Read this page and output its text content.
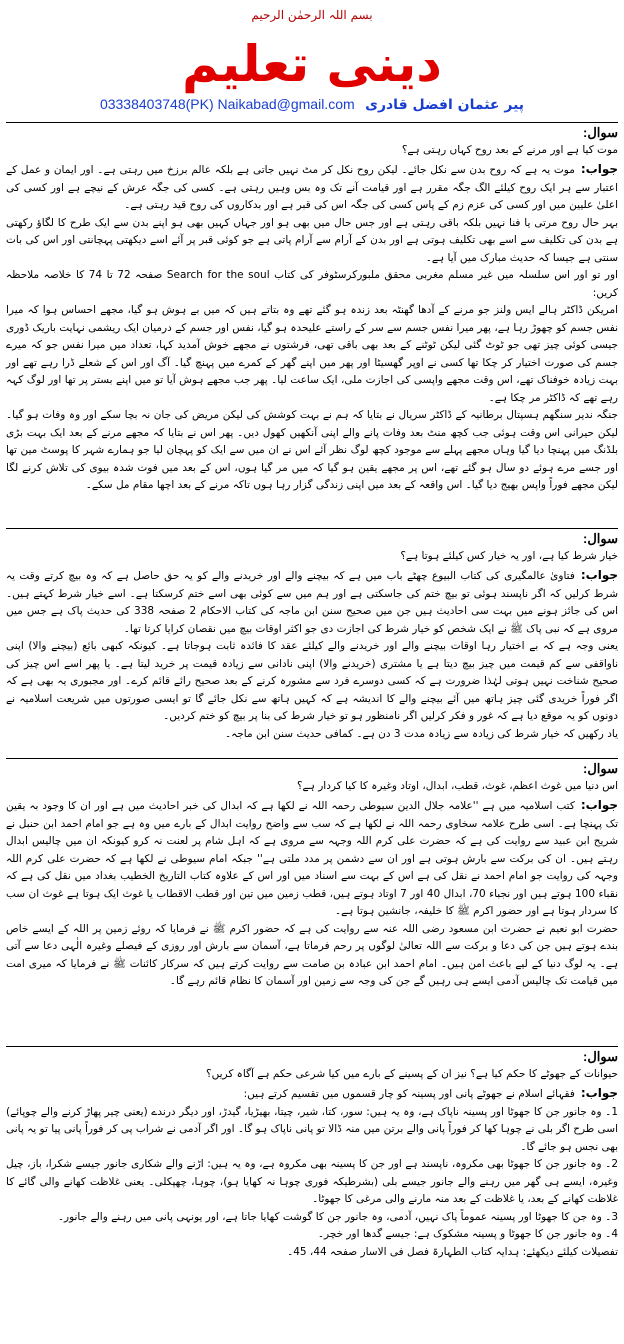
بسم اللہ الرحمٰن الرحیم
دینی تعلیم
03338403748(PK) Naikabad@gmail.com پیر عثمان افضل قادری
سوال:

موت کیا ہے اور مرنے کے بعد روح کہاں رہتی ہے؟

جواب:موت یہ ہے کہ روح بدن سے نکل جائے۔ لیکن روح نکل کر مٹ نہیں جاتی ہے بلکہ عالم برزخ میں رہتی ہے۔ اور ایمان و عمل کے اعتبار سے ہر ایک روح کیلئے الگ جگہ مقرر ہے اور قیامت آنے تک وہ بس وہیں رہتی ہے۔ کسی کی جگہ عرش کے نیچے ہے اور کسی کی اعلیٰ علیین میں اور کسی کی عزم زم کے پاس کسی کی جگہ اس کی قبر ہے اور بدکاروں کی روح قید رہتی ہے۔

بہر حال روح مرتی یا فنا نہیں بلکہ باقی رہتی ہے اور جس حال میں بھی ہو اور جہاں کہیں بھی ہو اپنے بدن سے ایک طرح کا لگاؤ رکھتی ہے بدن کی تکلیف سے اسے بھی تکلیف ہوتی ہے اور بدن کے آرام سے آرام پاتی ہے جو کوئی قبر پر آئے اسے دیکھتی پہچانتی اور اس کی بات سنتی ہے جیسا کہ حدیث مبارک میں آیا ہے۔

اور تو اور اس سلسلہ میں غیر مسلم مغربی محقق ملبورکرسٹوفر کی کتاب Search for the soul صفحہ 72 تا 74 کا خلاصہ ملاحظہ کریں:

امریکن ڈاکٹر ہالے ایس ولنز جو مرنے کے آدھا گھنٹہ بعد زندہ ہو گئے تھے وہ بتاتے ہیں کہ میں بے ہوش ہو گیا، مجھے احساس ہوا کہ میرا نفس جسم کو چھوڑ رہا ہے، پھر میرا نفس جسم سے سر کے راستے علیحدہ ہو گیا، نفس اور جسم کے درمیان ایک ریشمی نہایت باریک ڈوری جیسی کوئی چیز تھی جو ٹوٹ گئی لیکن ٹوٹنے کے بعد بھی باقی تھی، فرشتوں نے مجھے خوش آمدید کہا، تعداد میں میرا نفس جو کہ میرے جسم کی صورت اختیار کر چکا تھا کسی نے اوپر گھسیٹا اور پھر میں اپنے گھر کے کمرے میں پہنچ گیا۔ آگ اور اس کے شعلے ڈرا رہے تھے اور بہت زیادہ خوفناک تھے، اس وقت مجھے واپسی کی اجازت ملی، ایک ساعت لیا۔ پھر جب مجھے ہوش آیا تو میں اپنے بستر پر تھا اور لوگ کہہ رہے تھے کہ ڈاکٹر مر چکا ہے۔

جنگہ ندیر سنگھم ہسپتال برطانیہ کے ڈاکٹر سریال نے بتایا کہ ہم نے بہت کوشش کی لیکن مریض کی جان نہ بچا سکے اور وہ وفات ہو گیا۔ لیکن حیرانی اس وقت ہوئی جب کچھ منٹ بعد وفات پانے والے اپنی آنکھیں کھول دیں۔ پھر اس نے بتایا کہ مجھے مرنے کے بعد ایک بہت بڑی بلڈنگ میں پہنچا دیا گیا وہاں مجھے پہلے سے موجود کچھ لوگ نظر آئے اس نے ان میں سے ایک کو پہچان لیا جو ہمارے شہر کا پوسٹ مین تھا اور جسے مرے ہوئے دو سال ہو گئے تھے، اس پر مجھے یقین ہو گیا کہ میں مر گیا ہوں، اس کے بعد میں فوت شدہ بیوی کی تلاش کرنے لگا لیکن مجھے فوراً واپس بھیج دیا گیا۔ اس واقعہ کے بعد میں اپنی زندگی گزار رہا ہوں تاکہ مرنے کے بعد اچھا مقام مل سکے۔

سوال:

خیار شرط کیا ہے، اور یہ خیار کس کیلئے ہوتا ہے؟

جواب:فتاویٰ عالمگیری کی کتاب البیوع چھٹے باب میں ہے کہ بیچنے والے اور خریدنے والے کو یہ حق حاصل ہے کہ وہ بیچ کرتے وقت یہ شرط کرلیں کہ اگر ناپسند ہوئی تو بیچ ختم کی جاسکتی ہے اور ہم میں سے کوئی بھی اسے ختم کرسکتا ہے۔ اسے خیار شرط کہتے ہیں۔ اس کی جائز ہونے میں بہت سی احادیث ہیں جن میں صحیح سنن ابن ماجہ کی کتاب الاحکام 2 صفحہ 338 کی حدیث پاک ہے جس میں مروی ہے کہ نبی پاک ﷺ نے ایک شخص کو خیار شرط کی اجازت دی جو اکثر اوقات بیچ میں نقصان کرایا کرتا تھا۔

یعنی وجہ ہے کہ بے اختیار رہا اوقات بیچنے والے اور خریدنے والے کیلئے عقد کا فائدہ ثابت ہوجاتا ہے۔ کیونکہ کبھی بائع (بیچنے والا) اپنی ناواقفی سے کم قیمت میں چیز بیچ دیتا ہے یا مشتری (خریدنے والا) اپنی نادانی سے زیادہ قیمت پر خرید لیتا ہے۔ یا پھر اسے اس چیز کی صحیح شناخت نہیں ہوتی لہٰذا ضرورت ہے کہ کسی دوسرے فرد سے مشورہ کرنے کے بعد صحیح رائے قائم کرے۔ اور مجبوری یہ بھی ہے کہ اگر فوراً خریدی گئی چیز ہاتھ میں آئے بیچنے والے کا اندیشہ ہے کہ کہیں ہاتھ سے نکل جائے گا تو ایسی صورتوں میں شریعت اسلامیہ نے دونوں کو یہ موقع دیا ہے کہ غور و فکر کرلیں اگر نامنظور ہو تو خیار شرط کی بنا پر بیچ کو ختم کردیں۔

یاد رکھیں کہ خیار شرط کی زیادہ سے زیادہ مدت 3 دن ہے۔ کمافی حدیث سنن ابن ماجہ۔

سوال:

اس دنیا میں غوث اعظم، غوث، قطب، ابدال، اوتاد وغیرہ کا کیا کردار ہے؟

جواب:کتب اسلامیہ میں ہے ''علامہ جلال الدین سیوطی رحمہ اللہ نے لکھا ہے کہ ابدال کی خبر احادیث میں ہے اور ان کا وجود بہ یقین تک پہنچا ہے۔ اسی طرح علامہ سخاوی رحمہ اللہ نے لکھا ہے کہ سب سے واضح روایت ابدال کے بارے میں وہ ہے جو امام احمد ابن حنبل نے شریح ابن عبید سے روایت کی ہے کہ حضرت علی کرم اللہ وجہہ سے مروی ہے کہ اہل شام پر لعنت نہ کرو کیونکہ ان میں چالیس ابدال رہتے ہیں۔ ان کی برکت سے بارش ہوتی ہے اور ان سے دشمن پر مدد ملتی ہے'' جبکہ امام سیوطی نے لکھا ہے کہ حضرت علی کرم اللہ وجہہ کی روایت جو امام احمد نے نقل کی ہے اس کے بہت سے اسناد میں اور اس کے علاوہ کتاب التاریخ الخطیب بغداد میں نقل کی ہے کہ نقباء 100 ہوتے ہیں اور نجباء 70، ابدال 40 اور 7 اوتاد ہوتے ہیں، قطب زمین میں تین اور قطب الاقطاب یا غوث ایک ہوتا ہے غوث ان سب کا سردار ہوتا ہے اور حضور اکرم ﷺ کا خلیفہ، جانشین ہوتا ہے۔

حضرت ابو نعیم نے حضرت ابن مسعود رضی اللہ عنہ سے روایت کی ہے کہ حضور اکرم ﷺ نے فرمایا کہ روئے زمین پر اللہ کے ایسے خاص بندے ہوتے ہیں جن کی دعا و برکت سے اللہ تعالیٰ لوگوں پر رحم فرماتا ہے، آسمان سے بارش اور روزی کے فیصلے وغیرہ الٰہی دعا سے آتی ہے۔ یہ لوگ دنیا کے لیے باعث امن ہیں۔ امام احمد ابن عبادہ بن صامت سے روایت کرتے ہیں کہ سرکار کائنات ﷺ نے فرمایا کہ میری امت میں قیامت تک چالیس آدمی ایسے ہی رہیں گے جن کی وجہ سے زمین اور آسمان کا نظام قائم رہے گا۔

سوال:

حیوانات کے جھوٹے کا حکم کیا ہے؟ نیز ان کے پسینے کے بارے میں کیا شرعی حکم ہے آگاہ کریں؟

جواب:فقہائے اسلام نے جھوٹے پانی اور پسینہ کو چار قسموں میں تقسیم کرتے ہیں:

1۔ وہ جانور جن کا جھوٹا اور پسینہ ناپاک ہے، وہ یہ ہیں: سور، کتا، شیر، چیتا، بھیڑیا، گیدڑ، اور دیگر درندے (یعنی چیر پھاڑ کرنے والے چوپائے) اسی طرح اگر بلی نے چوہا کھا کر فوراً پانی والے برتن میں منہ ڈالا تو پانی ناپاک ہو گا۔ اور اگر آدمی نے شراب پی کر فوراً پانی پیا تو یہ پانی بھی نجس ہو جائے گا۔

2۔ وہ جانور جن کا جھوٹا بھی مکروہ، ناپسند ہے اور جن کا پسینہ بھی مکروہ ہے، وہ یہ ہیں: اڑنے والے شکاری جانور جیسے شکرا، باز، چیل وغیرہ، ایسے ہی گھر میں رہنے والے جانور جیسے بلی (بشرطیکہ فوری چوہا نہ کھایا ہو)، چوہا، چھپکلی۔ یعنی غلاظت کھانے والی گائے کا غلاظت کھانے کے بعد، یا غلاظت کے بعد منہ مارنے والی مرغی کا جھوٹا۔

3۔ وہ جن کا جھوٹا اور پسینہ عموماً پاک نہیں، آدمی، وہ جانور جن کا گوشت کھایا جاتا ہے، اور یونہی پانی میں رہنے والے جانور۔

4۔ وہ جانور جن کا جھوٹا و پسینہ مشکوک ہے: جیسے گدھا اور خچر۔

تفصیلات کیلئے دیکھئے: ہدایہ کتاب الطہارۃ فصل فی الاسار صفحہ 44، 45۔
